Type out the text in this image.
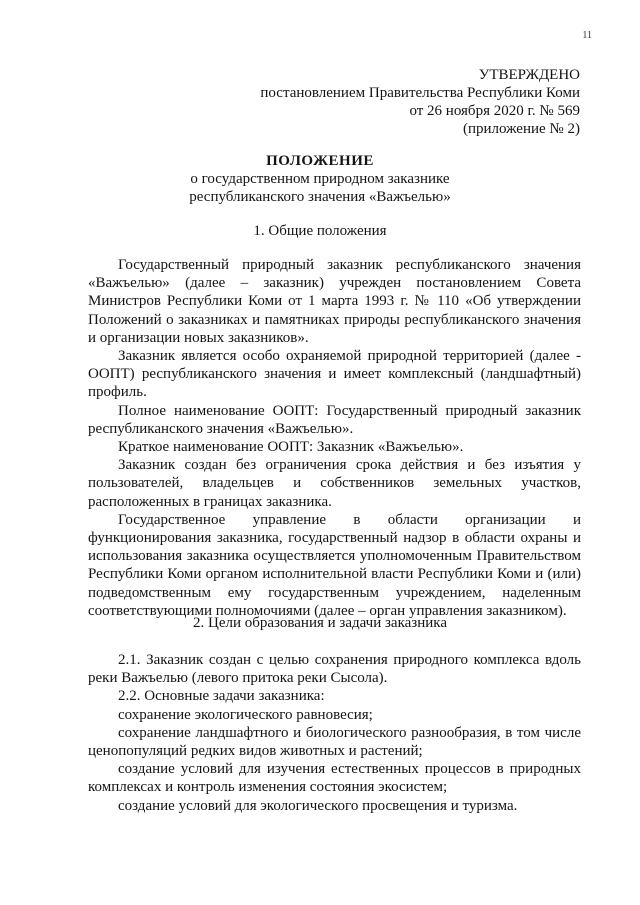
11
УТВЕРЖДЕНО
постановлением Правительства Республики Коми
от 26 ноября 2020 г. № 569
(приложение № 2)
ПОЛОЖЕНИЕ
о государственном природном заказнике
республиканского значения «Важъелью»
1. Общие положения

Государственный природный заказник республиканского значения «Важъелью» (далее – заказник) учрежден постановлением Совета Министров Республики Коми от 1 марта 1993 г. № 110 «Об утверждении Положений о заказниках и памятниках природы республиканского значения и организации новых заказников».

Заказник является особо охраняемой природной территорией (далее - ООПТ) республиканского значения и имеет комплексный (ландшафтный) профиль.

Полное наименование ООПТ: Государственный природный заказник республиканского значения «Важъелью».

Краткое наименование ООПТ: Заказник «Важъелью».

Заказник создан без ограничения срока действия и без изъятия у пользователей, владельцев и собственников земельных участков, расположенных в границах заказника.

Государственное управление в области организации и функционирования заказника, государственный надзор в области охраны и использования заказника осуществляется уполномоченным Правительством Республики Коми органом исполнительной власти Республики Коми и (или) подведомственным ему государственным учреждением, наделенным соответствующими полномочиями (далее – орган управления заказником).

2. Цели образования и задачи заказника

2.1. Заказник создан с целью сохранения природного комплекса вдоль реки Важъелью (левого притока реки Сысола).

2.2. Основные задачи заказника:

сохранение экологического равновесия;

сохранение ландшафтного и биологического разнообразия, в том числе ценопопуляций редких видов животных и растений;

создание условий для изучения естественных процессов в природных комплексах и контроль изменения состояния экосистем;

создание условий для экологического просвещения и туризма.
